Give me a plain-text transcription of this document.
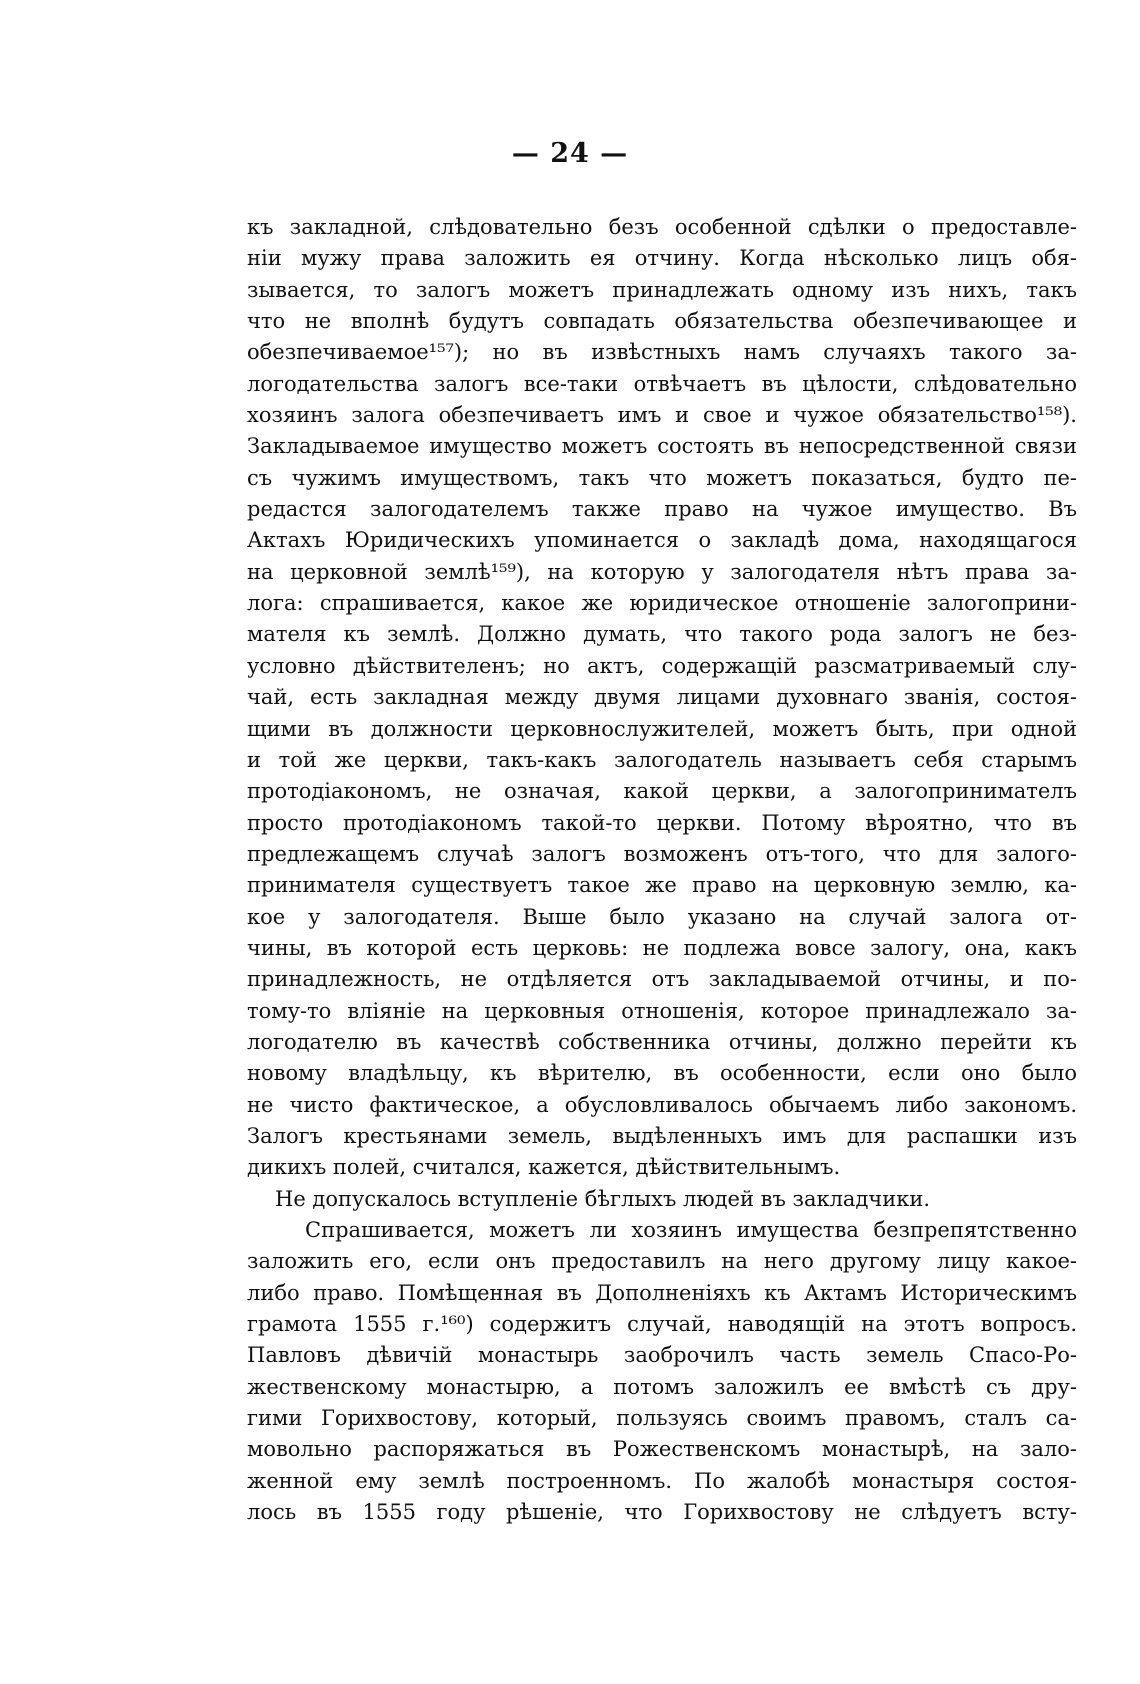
— 24 —
къ закладной, слѣдовательно безъ особенной сдѣлки о предоставле-
ніи мужу права заложить ея отчину. Когда нѣсколько лицъ обя-
зывается, то залогъ можетъ принадлежать одному изъ нихъ, такъ
что не вполнѣ будутъ совпадать обязательства обезпечивающее и
обезпечиваемое¹⁵⁷); но въ извѣстныхъ намъ случаяхъ такого за-
логодательства залогъ все-таки отвѣчаетъ въ цѣлости, слѣдовательно
хозяинъ залога обезпечиваетъ имъ и свое и чужое обязательство¹⁵⁸).
Закладываемое имущество можетъ состоять въ непосредственной связи
съ чужимъ имуществомъ, такъ что можетъ показаться, будто пе-
редастся залогодателемъ также право на чужое имущество. Въ
Актахъ Юридическихъ упоминается о закладѣ дома, находящагося
на церковной землѣ¹⁵⁹), на которую у залогодателя нѣтъ права за-
лога: спрашивается, какое же юридическое отношеніе залогоприни-
мателя къ землѣ. Должно думать, что такого рода залогъ не без-
условно дѣйствителенъ; но актъ, содержащій разсматриваемый слу-
чай, есть закладная между двумя лицами духовнаго званія, состоя-
щими въ должности церковнослужителей, можетъ быть, при одной
и той же церкви, такъ-какъ залогодатель называетъ себя старымъ
протодіакономъ, не означая, какой церкви, а залогопринимателъ
просто протодіакономъ такой-то церкви. Потому вѣроятно, что въ
предлежащемъ случаѣ залогъ возможенъ отъ-того, что для залого-
принимателя существуетъ такое же право на церковную землю, ка-
кое у залогодателя. Выше было указано на случай залога от-
чины, въ которой есть церковь: не подлежа вовсе залогу, она, какъ
принадлежность, не отдѣляется отъ закладываемой отчины, и по-
тому-то вліяніе на церковныя отношенія, которое принадлежало за-
логодателю въ качествѣ собственника отчины, должно перейти къ
новому владѣльцу, къ вѣрителю, въ особенности, если оно было
не чисто фактическое, а обусловливалось обычаемъ либо закономъ.
Залогъ крестьянами земель, выдѣленныхъ имъ для распашки изъ
дикихъ полей, считался, кажется, дѣйствительнымъ.
Не допускалось вступленіе бѣглыхъ людей въ закладчики.
Спрашивается, можетъ ли хозяинъ имущества безпрепятственно
заложить его, если онъ предоставилъ на него другому лицу какое-
либо право. Помѣщенная въ Дополненіяхъ къ Актамъ Историческимъ
грамота 1555 г.¹⁶⁰) содержитъ случай, наводящій на этотъ вопросъ.
Павловъ дѣвичій монастырь заоброчилъ часть земель Спасо-Ро-
жественскому монастырю, а потомъ заложилъ ее вмѣстѣ съ дру-
гими Горихвостову, который, пользуясь своимъ правомъ, сталъ са-
мовольно распоряжаться въ Рожественскомъ монастырѣ, на зало-
женной ему землѣ построенномъ. По жалобѣ монастыря состоя-
лось въ 1555 году рѣшеніе, что Горихвостову не слѣдуетъ всту-
